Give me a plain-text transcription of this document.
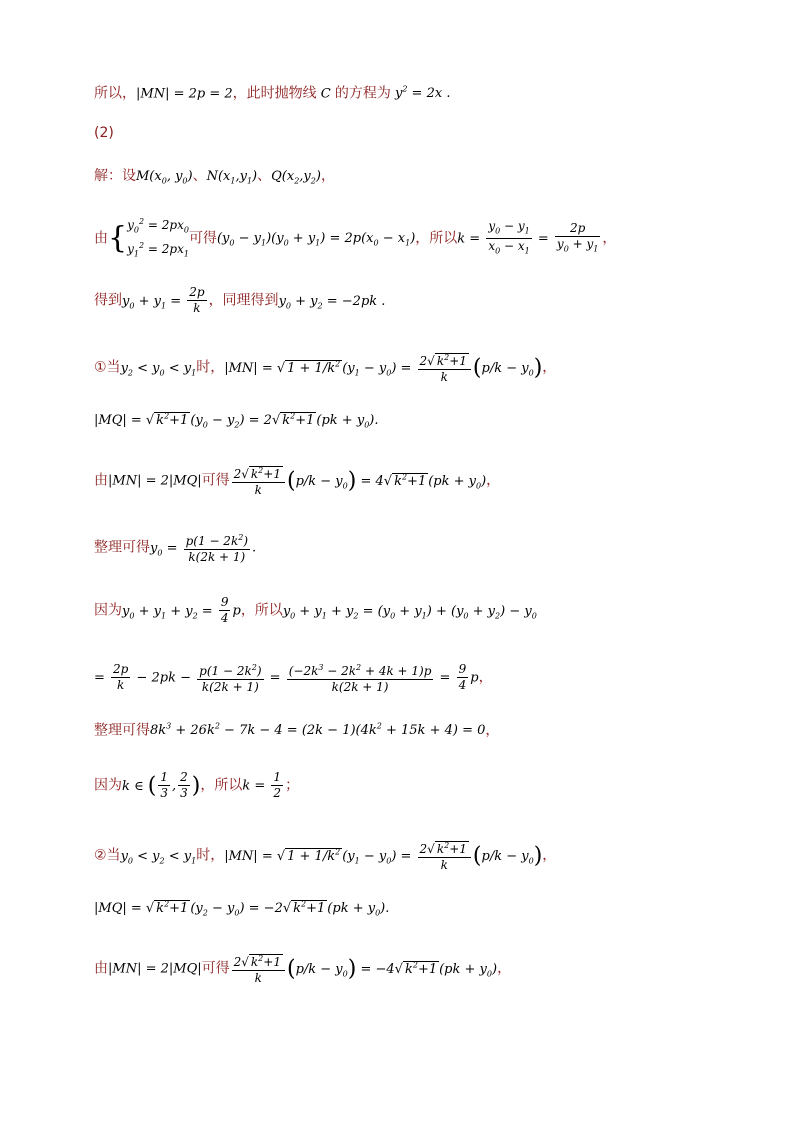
所以，|MN| = 2p = 2，此时抛物线 C 的方程为 $y^2 = 2x$ .
(2)
解：设$M(x_0$, $y_0$)、$N(x_1,y_1)$、$Q(x_2,y_2)$，
由{$y_0^2 = 2px_0$
$y_1^2 = 2px_1$可得$(y_0 - y_1)(y_0 + y_1) = 2p(x_0 - x_1)$，所以$k = \frac{y_0 - y_1}{x_0 - x_1} = \frac{2p}{y_0 + y_1}$ ，
得到$y_0 + y_1 = \frac{2p}{k}$ ，同理得到$y_0 + y_2 = -2pk$ .
①当$y_2 < y_0 < y_1$时，|MN| = √ $1 + 1/k^2$ $(y_1 - y_0) = \frac{2√ k^2+1}{k} (p/k - y_0)$，
|MQ| = √ $k^2+1$ $(y_0 - y_2) = 2√$ $k^2+1$ $(pk + y_0)$.
由|MN| = 2|MQ|可得 $\frac{2√ k^2+1}{k} (p/k - y_0) = 4√$ $k^2+1$ $(pk + y_0)$，
整理可得$y_0 = \frac{p(1 - 2k^2)}{k(2k + 1)}$ .
因为$y_0 + y_1 + y_2 = \frac{9}{4}$ p，所以$y_0 + y_1 + y_2 = (y_0 + y_1) + (y_0 + y_2) - y_0$
= $\frac{2p}{k} - 2pk - \frac{p(1 - 2k^2)}{k(2k + 1)} = \frac{(-2k^3 - 2k^2 + 4k + 1)p}{k(2k + 1)} = \frac{9}{4}$ p，
整理可得$8k^3 + 26k^2 - 7k - 4 = (2k - 1)(4k^2 + 15k + 4) = 0$，
因为k ∈ ( $\frac{1}{3}$ , $\frac{2}{3}$ )，所以$k = \frac{1}{2}$ ；
②当$y_0 < y_2 < y_1$时，|MN| = √ $1 + 1/k^2$ $(y_1 - y_0) = \frac{2√ k^2+1}{k} (p/k - y_0)$，
|MQ| = √ $k^2+1$ $(y_2 - y_0) = -2√$ $k^2+1$ $(pk + y_0)$.
由|MN| = 2|MQ|可得 $\frac{2√ k^2+1}{k} (p/k - y_0) = -4√$ $k^2+1$ $(pk + y_0)$，
